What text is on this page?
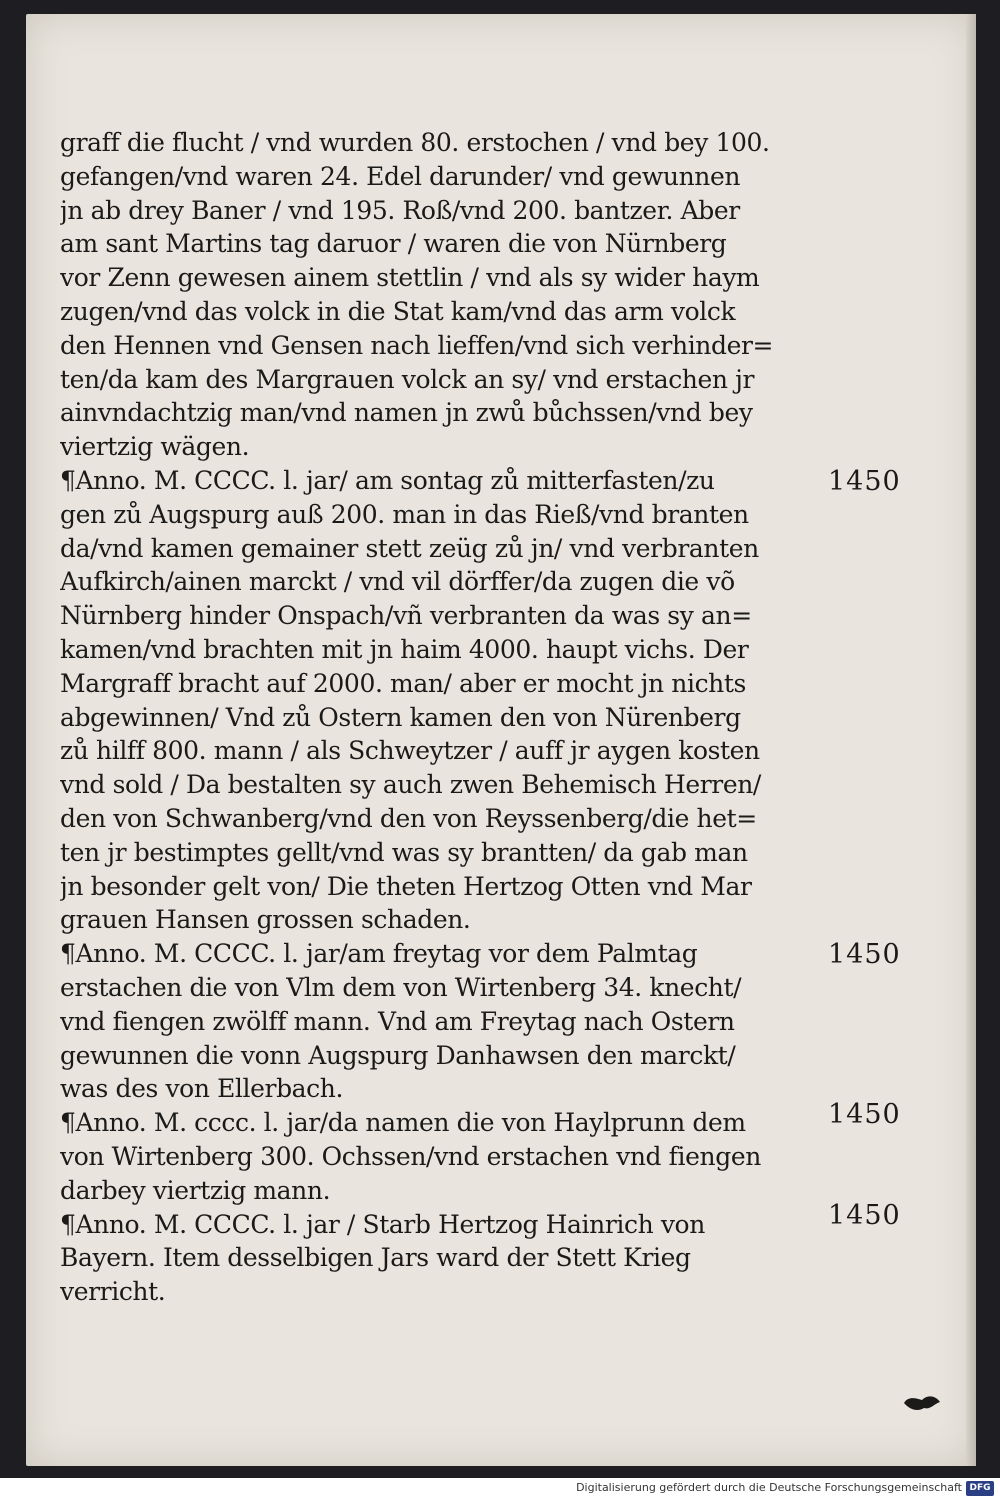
graff die flucht / vnd wurden 80. erstochen / vnd bey 100.
gefangen/vnd waren 24. Edel darunder/ vnd gewunnen
jn ab drey Baner / vnd 195. Roß/vnd 200. bantzer. Aber
am sant Martins tag daruor / waren die von Nürnberg
vor Zenn gewesen ainem stettlin / vnd als sy wider haym
zugen/vnd das volck in die Stat kam/vnd das arm volck
den Hennen vnd Gensen nach lieffen/vnd sich verhinder=
ten/da kam des Margrauen volck an sy/ vnd erstachen jr
ainvndachtzig man/vnd namen jn zwů bůchssen/vnd bey
viertzig wägen.
¶Anno. M. CCCC. l. jar/ am sontag zů mitterfasten/zu
gen zů Augspurg auß 200. man in das Rieß/vnd branten
da/vnd kamen gemainer stett zeüg zů jn/ vnd verbranten
Aufkirch/ainen marckt / vnd vil dörffer/da zugen die võ
Nürnberg hinder Onspach/vñ verbranten da was sy an=
kamen/vnd brachten mit jn haim 4000. haupt vichs. Der
Margraff bracht auf 2000. man/ aber er mocht jn nichts
abgewinnen/ Vnd zů Ostern kamen den von Nürenberg
zů hilff 800. mann / als Schweytzer / auff jr aygen kosten
vnd sold / Da bestalten sy auch zwen Behemisch Herren/
den von Schwanberg/vnd den von Reyssenberg/die het=
ten jr bestimptes gellt/vnd was sy brantten/ da gab man
jn besonder gelt von/ Die theten Hertzog Otten vnd Mar
grauen Hansen grossen schaden.
¶Anno. M. CCCC. l. jar/am freytag vor dem Palmtag
erstachen die von Vlm dem von Wirtenberg 34. knecht/
vnd fiengen zwölff mann. Vnd am Freytag nach Ostern
gewunnen die vonn Augspurg Danhawsen den marckt/
was des von Ellerbach.
¶Anno. M. cccc. l. jar/da namen die von Haylprunn dem
von Wirtenberg 300. Ochssen/vnd erstachen vnd fiengen
darbey viertzig mann.
¶Anno. M. CCCC. l. jar / Starb Hertzog Hainrich von
Bayern. Item desselbigen Jars ward der Stett Krieg
verricht.
1450
1450
1450
1450
Digitalisierung gefördert durch die Deutsche Forschungsgemeinschaft DFG
